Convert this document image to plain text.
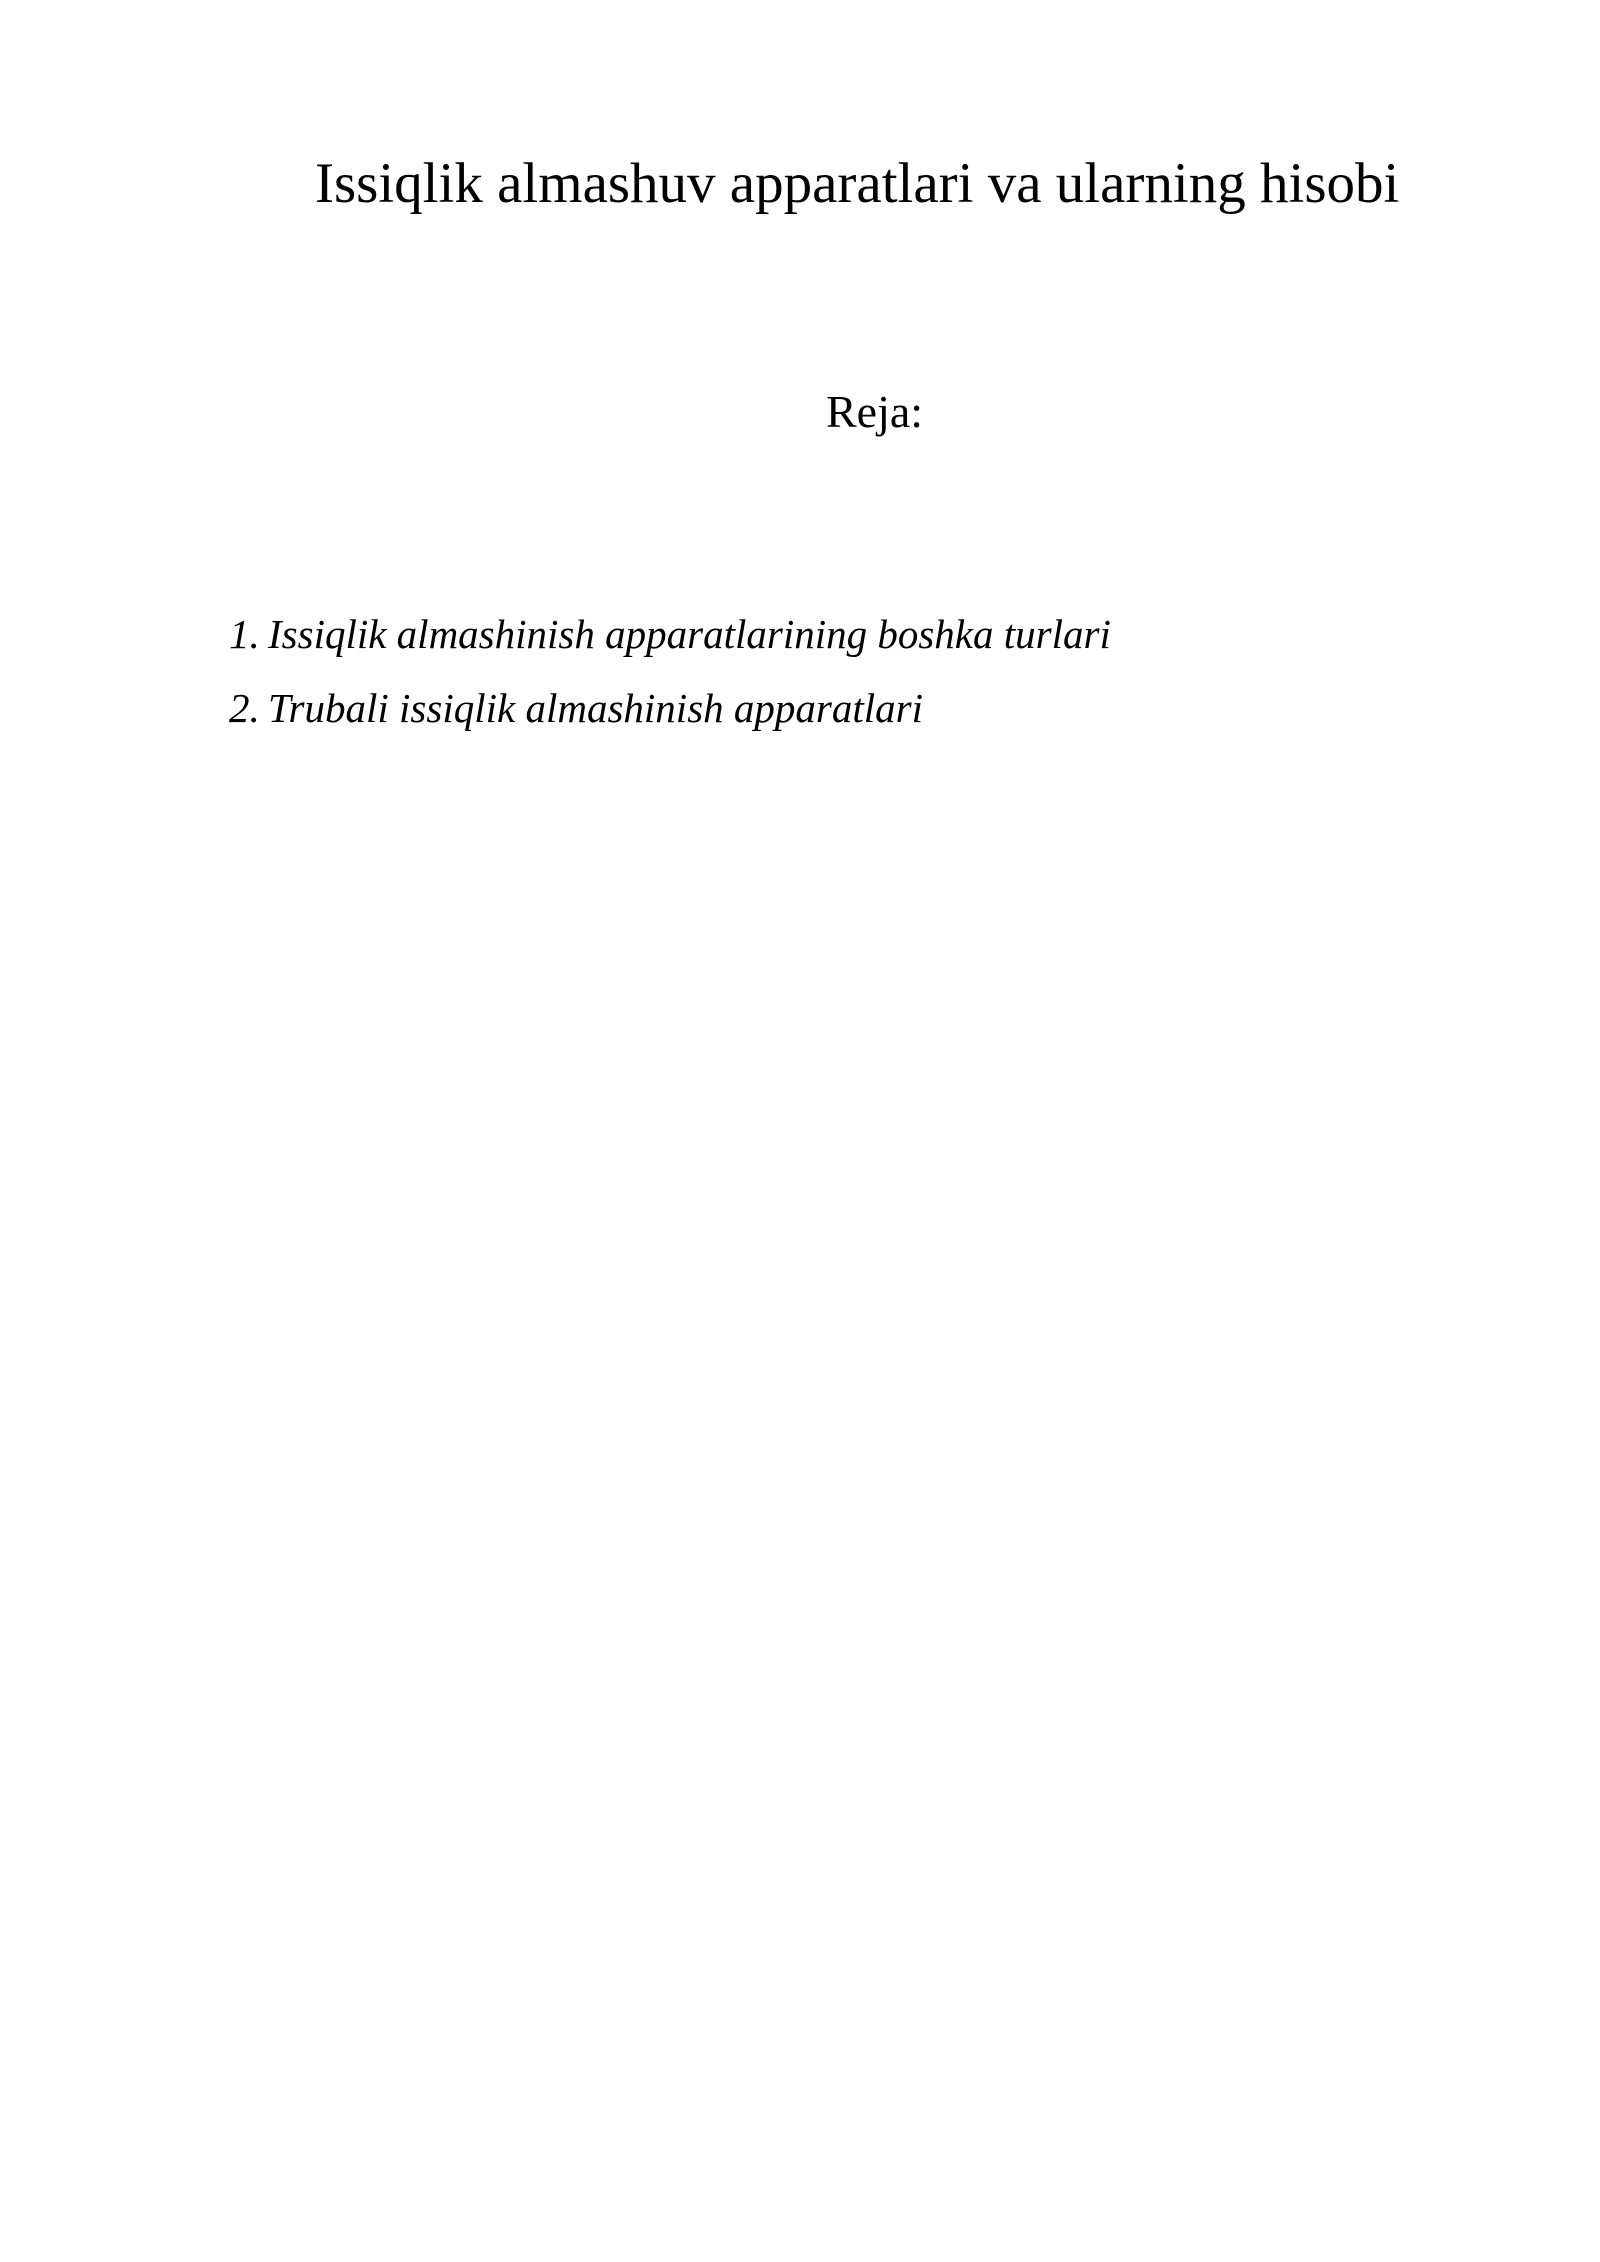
Issiqlik almashuv apparatlari va ularning hisobi
Reja:
1. Issiqlik almashinish apparatlarining boshka turlari
2. Trubali issiqlik almashinish apparatlari
